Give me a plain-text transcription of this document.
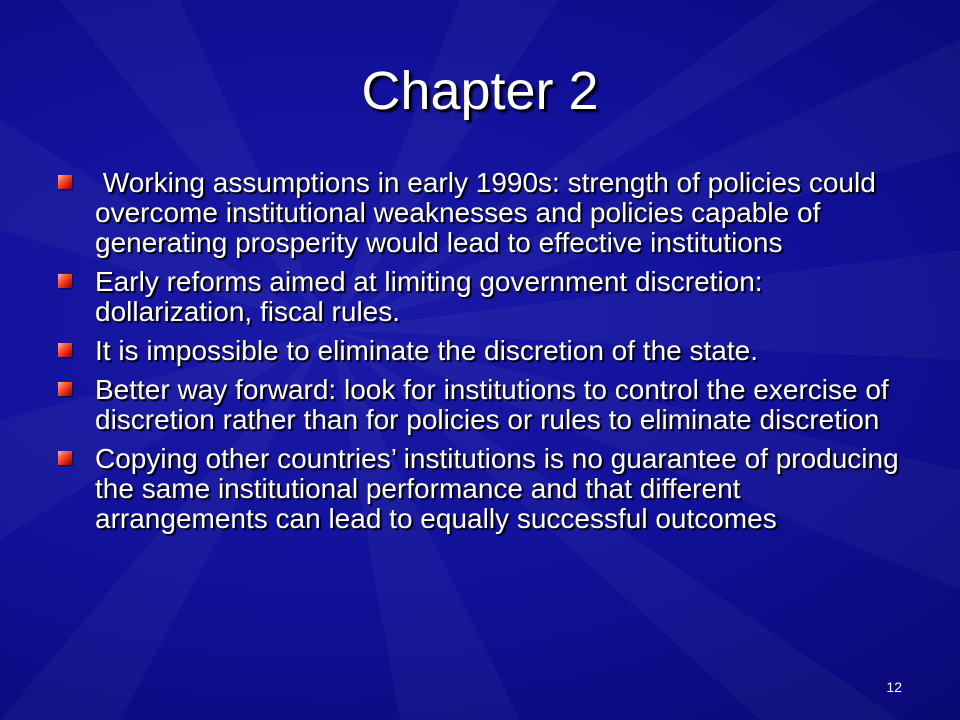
Chapter 2
Working assumptions in early 1990s: strength of policies could overcome institutional weaknesses and policies capable of generating prosperity would lead to effective institutions
Early reforms aimed at limiting government discretion: dollarization, fiscal rules.
It is impossible to eliminate the discretion of the state.
Better way forward: look for institutions to control the exercise of discretion rather than for policies or rules to eliminate discretion
Copying other countries’ institutions is no guarantee of producing the same institutional performance and that different arrangements can lead to equally successful outcomes
12
